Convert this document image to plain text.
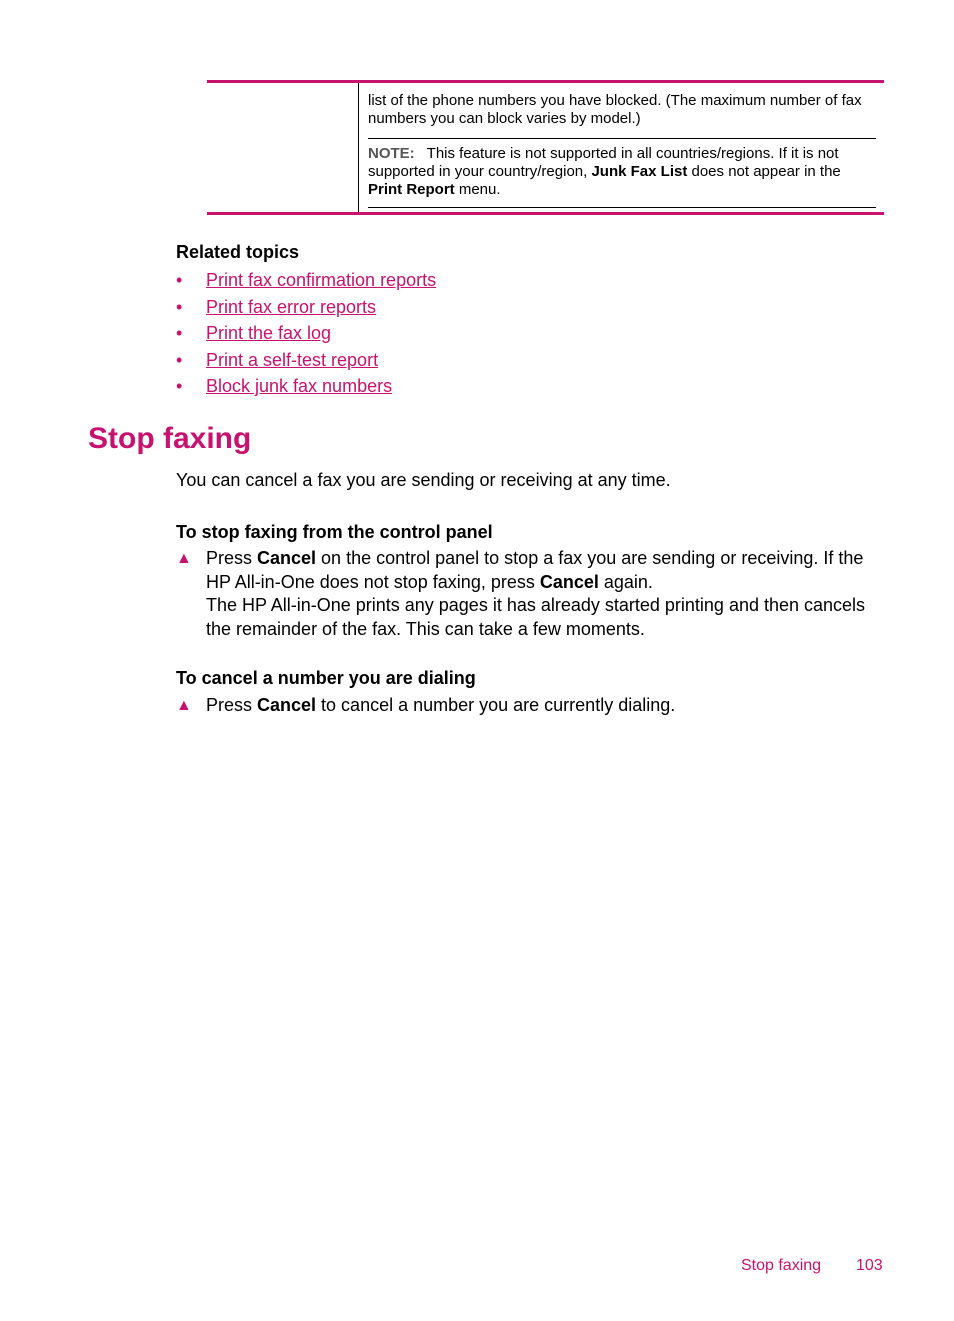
list of the phone numbers you have blocked. (The maximum number of fax numbers you can block varies by model.)
NOTE: This feature is not supported in all countries/regions. If it is not supported in your country/region, Junk Fax List does not appear in the Print Report menu.
Related topics
• Print fax confirmation reports
• Print fax error reports
• Print the fax log
• Print a self-test report
• Block junk fax numbers
Stop faxing
You can cancel a fax you are sending or receiving at any time.
To stop faxing from the control panel
▲ Press Cancel on the control panel to stop a fax you are sending or receiving. If the HP All-in-One does not stop faxing, press Cancel again.
The HP All-in-One prints any pages it has already started printing and then cancels the remainder of the fax. This can take a few moments.
To cancel a number you are dialing
▲ Press Cancel to cancel a number you are currently dialing.
Stop faxing 103
